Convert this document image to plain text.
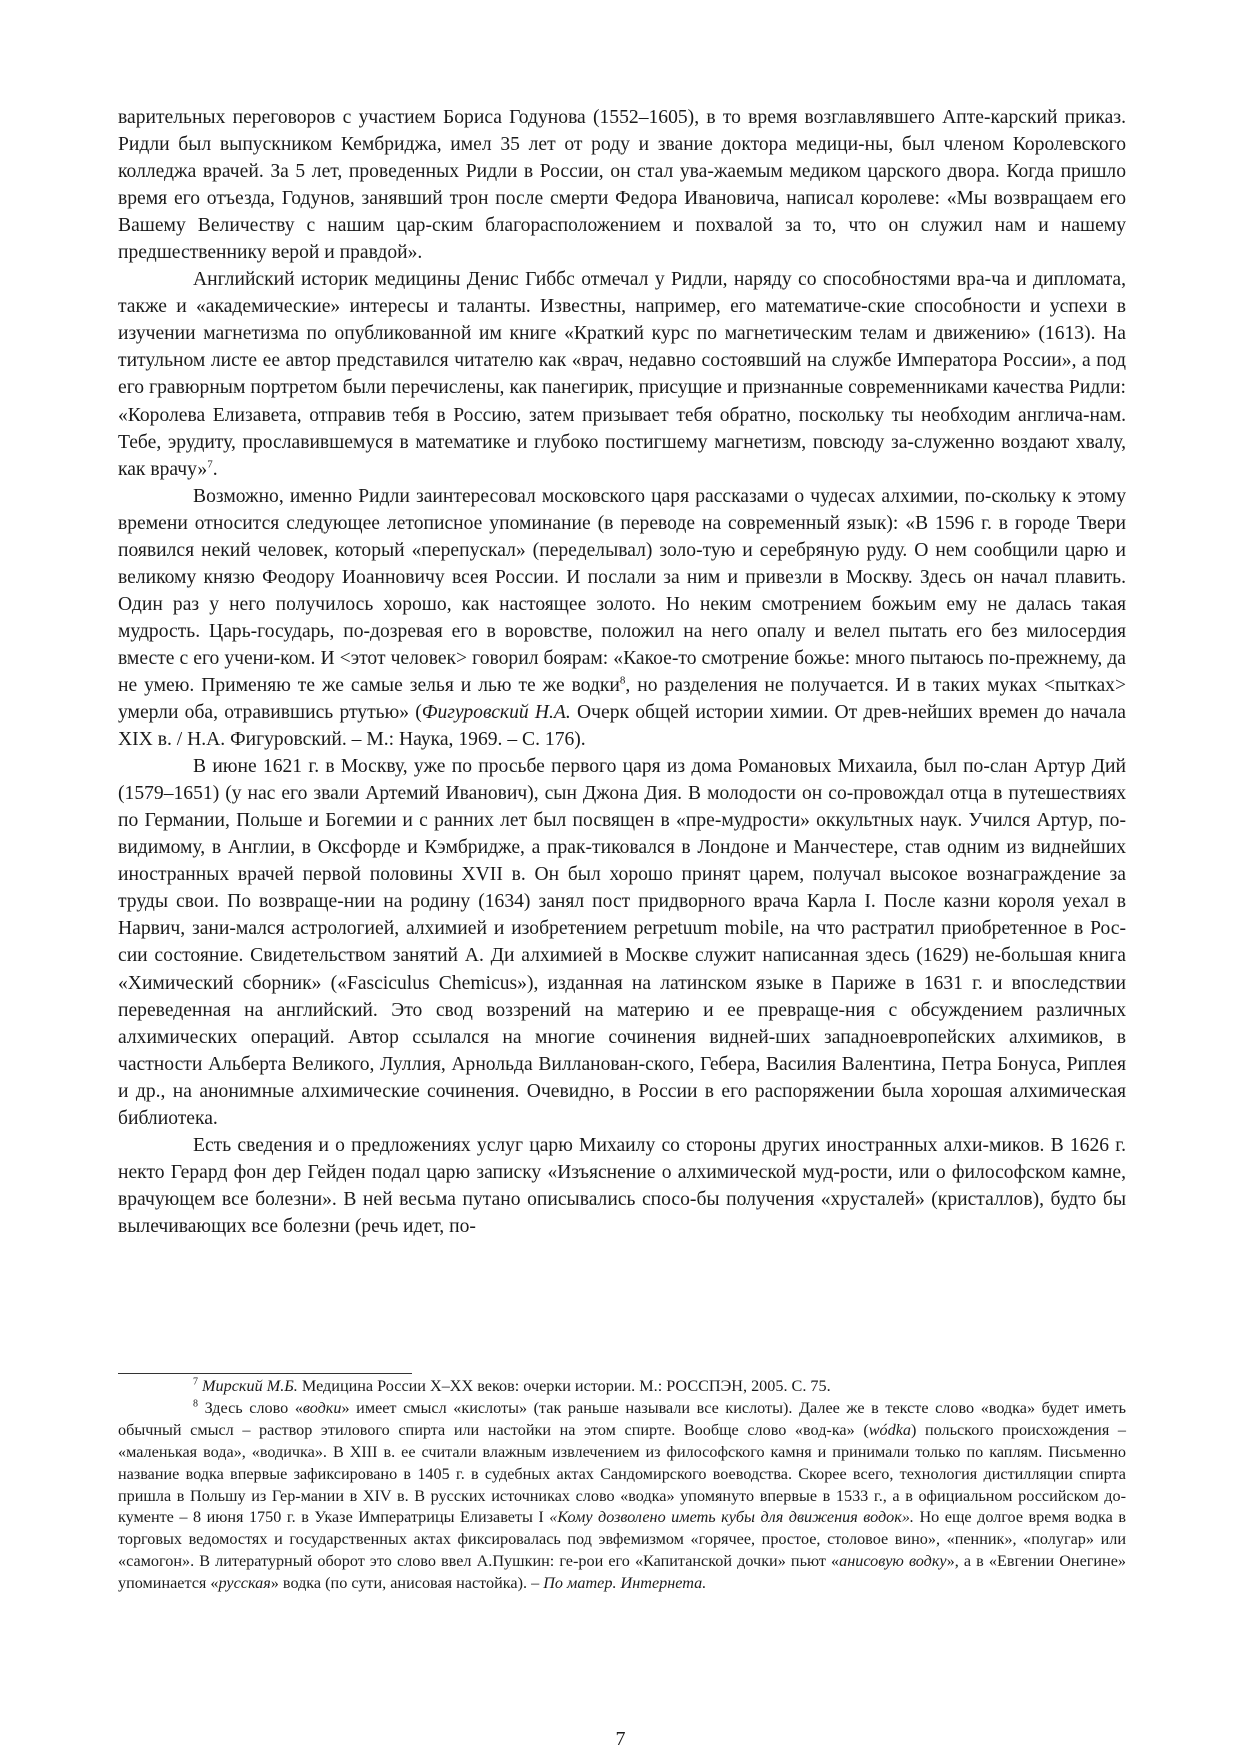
варительных переговоров с участием Бориса Годунова (1552–1605), в то время возглавлявшего Апте-карский приказ. Ридли был выпускником Кембриджа, имел 35 лет от роду и звание доктора медици-ны, был членом Королевского колледжа врачей. За 5 лет, проведенных Ридли в России, он стал ува-жаемым медиком царского двора. Когда пришло время его отъезда, Годунов, занявший трон после смерти Федора Ивановича, написал королеве: «Мы возвращаем его Вашему Величеству с нашим цар-ским благорасположением и похвалой за то, что он служил нам и нашему предшественнику верой и правдой».

Английский историк медицины Денис Гиббс отмечал у Ридли, наряду со способностями вра-ча и дипломата, также и «академические» интересы и таланты. Известны, например, его математиче-ские способности и успехи в изучении магнетизма по опубликованной им книге «Краткий курс по магнетическим телам и движению» (1613). На титульном листе ее автор представился читателю как «врач, недавно состоявший на службе Императора России», а под его гравюрным портретом были перечислены, как панегирик, присущие и признанные современниками качества Ридли: «Королева Елизавета, отправив тебя в Россию, затем призывает тебя обратно, поскольку ты необходим англича-нам. Тебе, эрудиту, прославившемуся в математике и глубоко постигшему магнетизм, повсюду за-служенно воздают хвалу, как врачу»$^7$.

Возможно, именно Ридли заинтересовал московского царя рассказами о чудесах алхимии, по-скольку к этому времени относится следующее летописное упоминание (в переводе на современный язык): «В 1596 г. в городе Твери появился некий человек, который «перепускал» (переделывал) золо-тую и серебряную руду. О нем сообщили царю и великому князю Феодору Иоанновичу всея России. И послали за ним и привезли в Москву. Здесь он начал плавить. Один раз у него получилось хорошо, как настоящее золото. Но неким смотрением божьим ему не далась такая мудрость. Царь-государь, по-дозревая его в воровстве, положил на него опалу и велел пытать его без милосердия вместе с его учени-ком. И <этот человек> говорил боярам: «Какое-то смотрение божье: много пытаюсь по-прежнему, да не умею. Применяю те же самые зелья и лью те же водки$^8$, но разделения не получается. И в таких муках <пытках> умерли оба, отравившись ртутью» (Фигуровский Н.А. Очерк общей истории химии. От древ-нейших времен до начала XIX в. / Н.А. Фигуровский. – М.: Наука, 1969. – С. 176).

В июне 1621 г. в Москву, уже по просьбе первого царя из дома Романовых Михаила, был по-слан Артур Дий (1579–1651) (у нас его звали Артемий Иванович), сын Джона Дия. В молодости он со-провождал отца в путешествиях по Германии, Польше и Богемии и с ранних лет был посвящен в «пре-мудрости» оккультных наук. Учился Артур, по-видимому, в Англии, в Оксфорде и Кэмбридже, а прак-тиковался в Лондоне и Манчестере, став одним из виднейших иностранных врачей первой половины XVII в. Он был хорошо принят царем, получал высокое вознаграждение за труды свои. По возвраще-нии на родину (1634) занял пост придворного врача Карла I. После казни короля уехал в Нарвич, зани-мался астрологией, алхимией и изобретением perpetuum mobile, на что растратил приобретенное в Рос-сии состояние. Свидетельством занятий А. Ди алхимией в Москве служит написанная здесь (1629) не-большая книга «Химический сборник» («Fasciculus Chemicus»), изданная на латинском языке в Париже в 1631 г. и впоследствии переведенная на английский. Это свод воззрений на материю и ее превраще-ния с обсуждением различных алхимических операций. Автор ссылался на многие сочинения видней-ших западноевропейских алхимиков, в частности Альберта Великого, Луллия, Арнольда Вилланован-ского, Гебера, Василия Валентина, Петра Бонуса, Риплея и др., на анонимные алхимические сочинения. Очевидно, в России в его распоряжении была хорошая алхимическая библиотека.

Есть сведения и о предложениях услуг царю Михаилу со стороны других иностранных алхи-миков. В 1626 г. некто Герард фон дер Гейден подал царю записку «Изъяснение о алхимической муд-рости, или о философском камне, врачующем все болезни». В ней весьма путано описывались спосо-бы получения «хрусталей» (кристаллов), будто бы вылечивающих все болезни (речь идет, по-

$^7$ Мирский М.Б. Медицина России X–XX веков: очерки истории. М.: РОССПЭН, 2005. С. 75.

$^8$ Здесь слово «водки» имеет смысл «кислоты» (так раньше называли все кислоты). Далее же в тексте слово «водка» будет иметь обычный смысл – раствор этилового спирта или настойки на этом спирте. Вообще слово «вод-ка» (wódka) польского происхождения – «маленькая вода», «водичка». В XIII в. ее считали влажным извлечением из философского камня и принимали только по каплям. Письменно название водка впервые зафиксировано в 1405 г. в судебных актах Сандомирского воеводства. Скорее всего, технология дистилляции спирта пришла в Польшу из Гер-мании в XIV в. В русских источниках слово «водка» упомянуто впервые в 1533 г., а в официальном российском до-кументе – 8 июня 1750 г. в Указе Императрицы Елизаветы I «Кому дозволено иметь кубы для движения водок». Но еще долгое время водка в торговых ведомостях и государственных актах фиксировалась под эвфемизмом «горячее, простое, столовое вино», «пенник», «полугар» или «самогон». В литературный оборот это слово ввел А.Пушкин: ге-рои его «Капитанской дочки» пьют «анисовую водку», а в «Евгении Онегине» упоминается «русская» водка (по сути, анисовая настойка). – По матер. Интернета.

7
